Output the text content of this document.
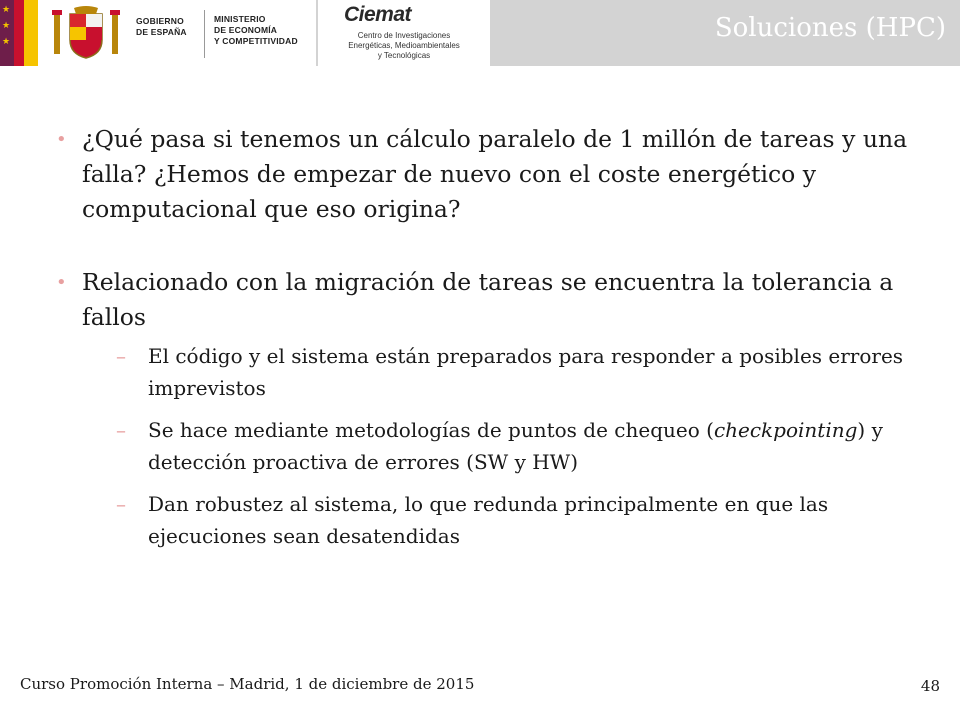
★
★
★
GOBIERNO
DE ESPAÑA
MINISTERIO
DE ECONOMÍA
Y COMPETITIVIDAD
Ciemat
Centro de Investigaciones
Energéticas, Medioambientales
y Tecnológicas
Soluciones (HPC)
• ¿Qué pasa si tenemos un cálculo paralelo de 1 millón de tareas y una falla? ¿Hemos de empezar de nuevo con el coste energético y computacional que eso origina?
• Relacionado con la migración de tareas se encuentra la tolerancia a fallos
– El código y el sistema están preparados para responder a posibles errores imprevistos
– Se hace mediante metodologías de puntos de chequeo (checkpointing) y detección proactiva de errores (SW y HW)
– Dan robustez al sistema, lo que redunda principalmente en que las ejecuciones sean desatendidas
Curso Promoción Interna – Madrid, 1 de diciembre de 2015	48
